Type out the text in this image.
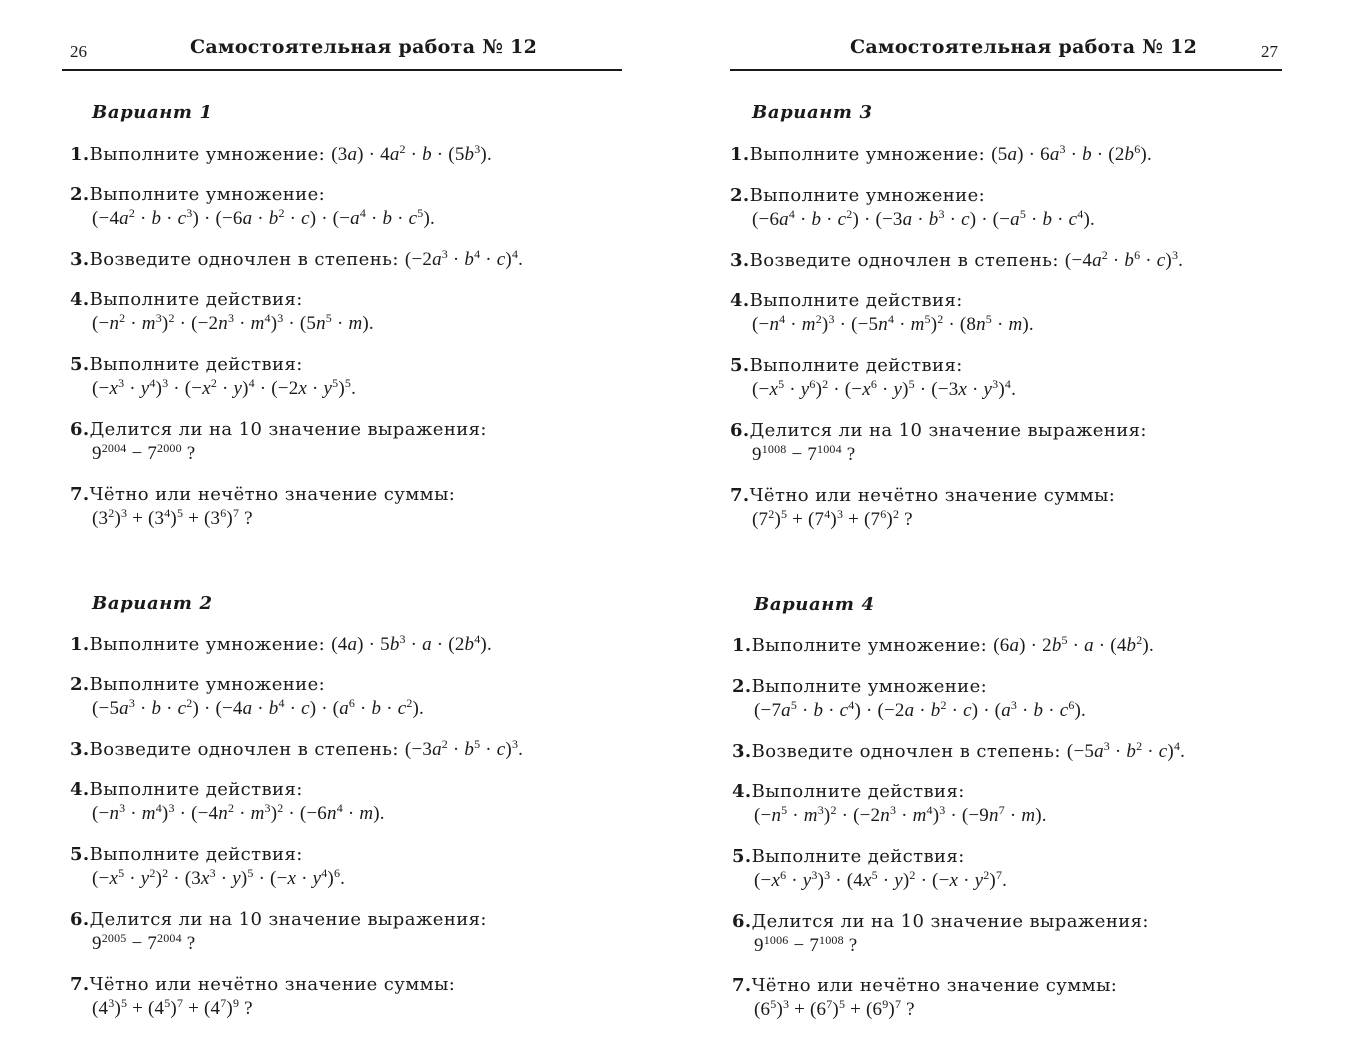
26	Самостоятельная работа № 12
Вариант 1
1.Выполните умножение: $(3a) \cdot 4a^2 \cdot b \cdot (5b^3)$.
2.Выполните умножение:
$(-4a^2 \cdot b \cdot c^3) \cdot (-6a \cdot b^2 \cdot c) \cdot (-a^4 \cdot b \cdot c^5)$.
3.Возведите одночлен в степень: $(-2a^3 \cdot b^4 \cdot c)^4$.
4.Выполните действия:
$(-n^2 \cdot m^3)^2 \cdot (-2n^3 \cdot m^4)^3 \cdot (5n^5 \cdot m)$.
5.Выполните действия:
$(-x^3 \cdot y^4)^3 \cdot (-x^2 \cdot y)^4 \cdot (-2x \cdot y^5)^5$.
6.Делится ли на 10 значение выражения:
$9^{2004} - 7^{2000}$ ?
7.Чётно или нечётно значение суммы:
$(3^2)^3 + (3^4)^5 + (3^6)^7$ ?
Вариант 2
1.Выполните умножение: $(4a) \cdot 5b^3 \cdot a \cdot (2b^4)$.
2.Выполните умножение:
$(-5a^3 \cdot b \cdot c^2) \cdot (-4a \cdot b^4 \cdot c) \cdot (a^6 \cdot b \cdot c^2)$.
3.Возведите одночлен в степень: $(-3a^2 \cdot b^5 \cdot c)^3$.
4.Выполните действия:
$(-n^3 \cdot m^4)^3 \cdot (-4n^2 \cdot m^3)^2 \cdot (-6n^4 \cdot m)$.
5.Выполните действия:
$(-x^5 \cdot y^2)^2 \cdot (3x^3 \cdot y)^5 \cdot (-x \cdot y^4)^6$.
6.Делится ли на 10 значение выражения:
$9^{2005} - 7^{2004}$ ?
7.Чётно или нечётно значение суммы:
$(4^3)^5 + (4^5)^7 + (4^7)^9$ ?
Самостоятельная работа № 12	27
Вариант 3
1.Выполните умножение: $(5a) \cdot 6a^3 \cdot b \cdot (2b^6)$.
2.Выполните умножение:
$(-6a^4 \cdot b \cdot c^2) \cdot (-3a \cdot b^3 \cdot c) \cdot (-a^5 \cdot b \cdot c^4)$.
3.Возведите одночлен в степень: $(-4a^2 \cdot b^6 \cdot c)^3$.
4.Выполните действия:
$(-n^4 \cdot m^2)^3 \cdot (-5n^4 \cdot m^5)^2 \cdot (8n^5 \cdot m)$.
5.Выполните действия:
$(-x^5 \cdot y^6)^2 \cdot (-x^6 \cdot y)^5 \cdot (-3x \cdot y^3)^4$.
6.Делится ли на 10 значение выражения:
$9^{1008} - 7^{1004}$ ?
7.Чётно или нечётно значение суммы:
$(7^2)^5 + (7^4)^3 + (7^6)^2$ ?
Вариант 4
1.Выполните умножение: $(6a) \cdot 2b^5 \cdot a \cdot (4b^2)$.
2.Выполните умножение:
$(-7a^5 \cdot b \cdot c^4) \cdot (-2a \cdot b^2 \cdot c) \cdot (a^3 \cdot b \cdot c^6)$.
3.Возведите одночлен в степень: $(-5a^3 \cdot b^2 \cdot c)^4$.
4.Выполните действия:
$(-n^5 \cdot m^3)^2 \cdot (-2n^3 \cdot m^4)^3 \cdot (-9n^7 \cdot m)$.
5.Выполните действия:
$(-x^6 \cdot y^3)^3 \cdot (4x^5 \cdot y)^2 \cdot (-x \cdot y^2)^7$.
6.Делится ли на 10 значение выражения:
$9^{1006} - 7^{1008}$ ?
7.Чётно или нечётно значение суммы:
$(6^5)^3 + (6^7)^5 + (6^9)^7$ ?
